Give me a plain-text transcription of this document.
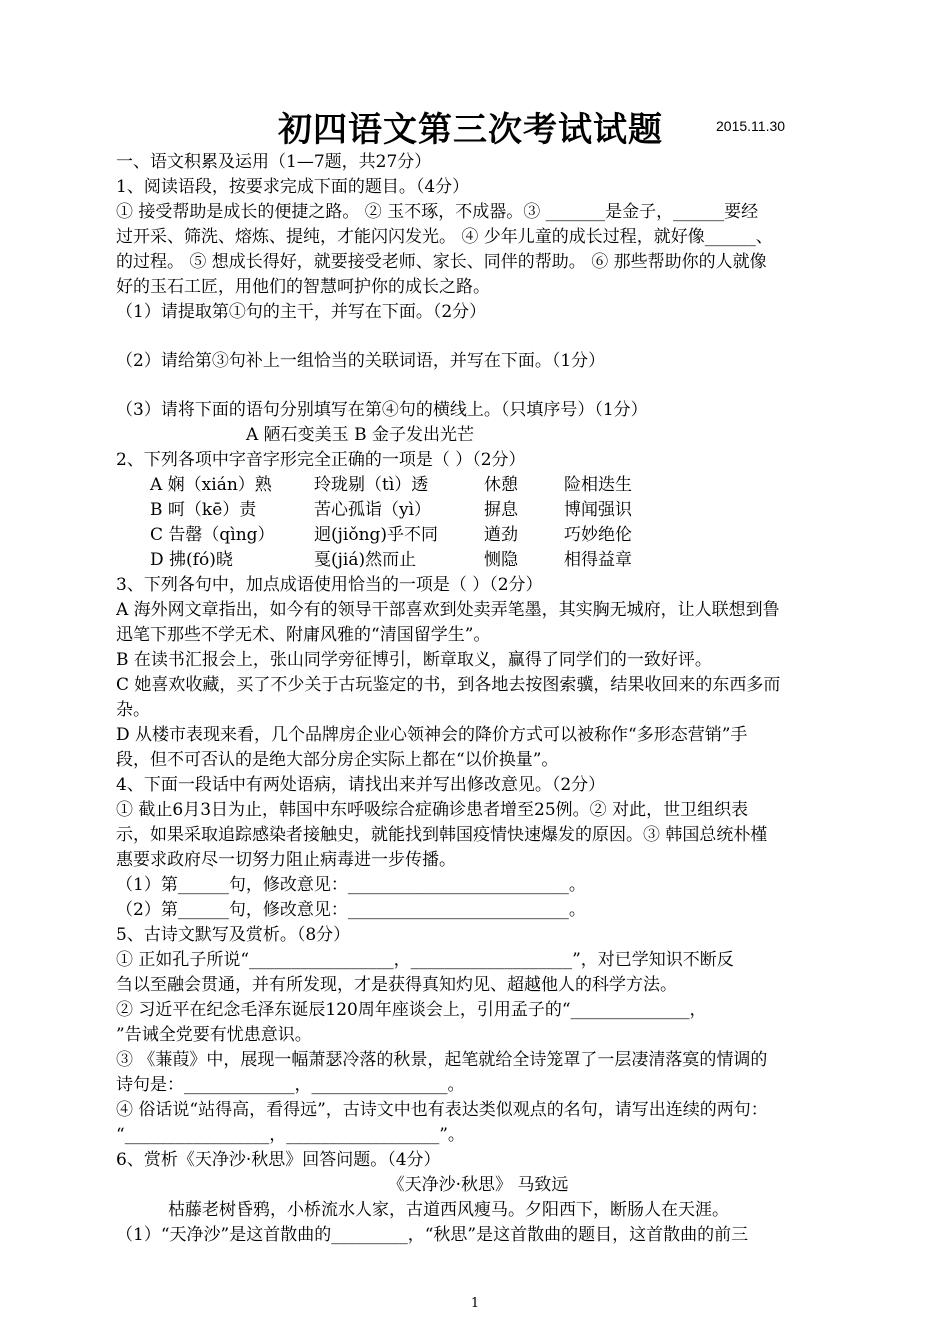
初四语文第三次考试试题	2015.11.30
一、语文积累及运用（1—7题，共27分）
1、阅读语段，按要求完成下面的题目。（4分）
① 接受帮助是成长的便捷之路。 ② 玉不琢，不成器。③ _______是金子，______要经
过开采、筛洗、熔炼、提纯，才能闪闪发光。 ④ 少年儿童的成长过程，就好像______、
的过程。 ⑤ 想成长得好，就要接受老师、家长、同伴的帮助。 ⑥ 那些帮助你的人就像
好的玉石工匠，用他们的智慧呵护你的成长之路。
（1）请提取第①句的主干，并写在下面。（2分）
（2）请给第③句补上一组恰当的关联词语，并写在下面。（1分）
（3）请将下面的语句分别填写在第④句的横线上。（只填序号）（1分）
A 陋石变美玉 B 金子发出光芒
2、下列各项中字音字形完全正确的一项是（ ）（2分）
A 娴（xián）熟	玲珑剔（tì）透	休憩	险相迭生
B 呵（kē）责	苦心孤诣（yì）	摒息	博闻强识
C 告罄（qìng）	迥(jiǒng)乎不同	遒劲	巧妙绝伦
D 拂(fó)晓	戛(jiá)然而止	恻隐	相得益章
3、下列各句中，加点成语使用恰当的一项是（ ）（2分）
A 海外网文章指出，如今有的领导干部喜欢到处卖弄笔墨，其实胸无城府，让人联想到鲁
迅笔下那些不学无术、附庸风雅的“清国留学生”。
B 在读书汇报会上，张山同学旁征博引，断章取义，赢得了同学们的一致好评。
C 她喜欢收藏，买了不少关于古玩鉴定的书，到各地去按图索骥，结果收回来的东西多而
杂。
D 从楼市表现来看，几个品牌房企业心领神会的降价方式可以被称作“多形态营销”手
段，但不可否认的是绝大部分房企实际上都在“以价换量”。
4、下面一段话中有两处语病，请找出来并写出修改意见。（2分）
① 截止6月3日为止，韩国中东呼吸综合症确诊患者增至25例。② 对此，世卫组织表
示，如果采取追踪感染者接触史，就能找到韩国疫情快速爆发的原因。③ 韩国总统朴槿
惠要求政府尽一切努力阻止病毒进一步传播。
（1）第______句，修改意见：__________________________。
（2）第______句，修改意见：__________________________。
5、古诗文默写及赏析。（8分）
① 正如孔子所说“_________________，___________________”，对已学知识不断反
刍以至融会贯通，并有所发现，才是获得真知灼见、超越他人的科学方法。
② 习近平在纪念毛泽东诞辰120周年座谈会上，引用孟子的“______________，
”告诫全党要有忧患意识。
③ 《蒹葭》中，展现一幅萧瑟冷落的秋景，起笔就给全诗笼罩了一层凄清落寞的情调的
诗句是：_____________，________________。
④ 俗话说“站得高，看得远”，古诗文中也有表达类似观点的名句，请写出连续的两句：
“_________________，__________________”。
6、赏析《天净沙·秋思》回答问题。（4分）
《天净沙·秋思》 马致远
枯藤老树昏鸦，小桥流水人家，古道西风瘦马。夕阳西下，断肠人在天涯。
（1）“天净沙”是这首散曲的_________，“秋思”是这首散曲的题目，这首散曲的前三
1
